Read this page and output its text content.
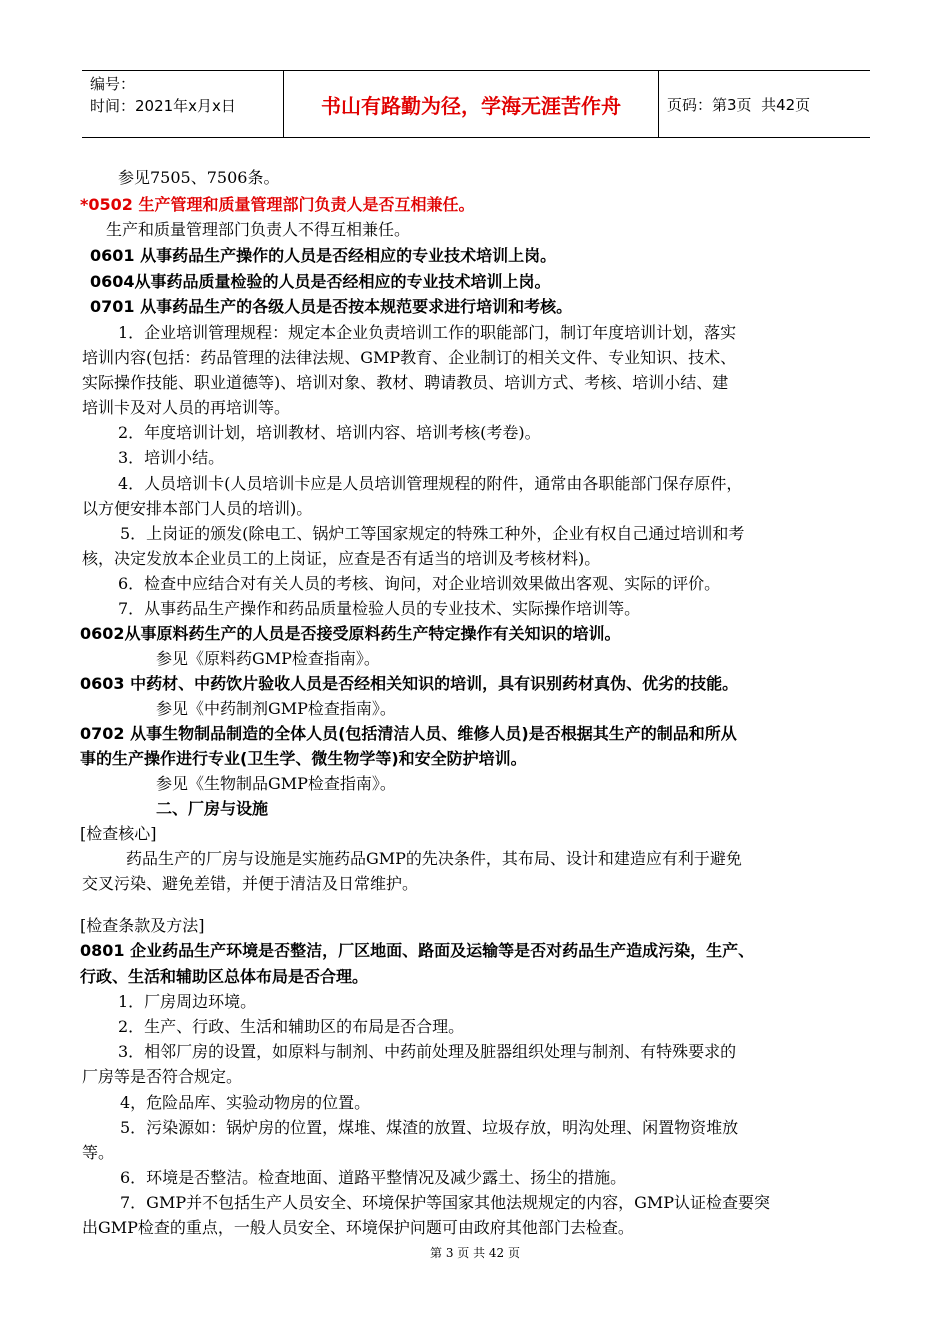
编号：
时间：2021年x月x日	书山有路勤为径，学海无涯苦作舟	页码：第3页  共42页
参见7505、7506条。
*0502 生产管理和质量管理部门负责人是否互相兼任。
生产和质量管理部门负责人不得互相兼任。
0601 从事药品生产操作的人员是否经相应的专业技术培训上岗。
0604从事药品质量检验的人员是否经相应的专业技术培训上岗。
0701 从事药品生产的各级人员是否按本规范要求进行培训和考核。
1．企业培训管理规程：规定本企业负责培训工作的职能部门，制订年度培训计划，落实
培训内容(包括：药品管理的法律法规、GMP教育、企业制订的相关文件、专业知识、技术、
实际操作技能、职业道德等)、培训对象、教材、聘请教员、培训方式、考核、培训小结、建
培训卡及对人员的再培训等。
2．年度培训计划，培训教材、培训内容、培训考核(考卷)。
3．培训小结。
4．人员培训卡(人员培训卡应是人员培训管理规程的附件，通常由各职能部门保存原件，
以方便安排本部门人员的培训)。
5．上岗证的颁发(除电工、锅炉工等国家规定的特殊工种外，企业有权自己通过培训和考
核，决定发放本企业员工的上岗证，应查是否有适当的培训及考核材料)。
6．检查中应结合对有关人员的考核、询问，对企业培训效果做出客观、实际的评价。
7．从事药品生产操作和药品质量检验人员的专业技术、实际操作培训等。
0602从事原料药生产的人员是否接受原料药生产特定操作有关知识的培训。
参见《原料药GMP检查指南》。
0603 中药材、中药饮片验收人员是否经相关知识的培训，具有识别药材真伪、优劣的技能。
参见《中药制剂GMP检查指南》。
0702 从事生物制品制造的全体人员(包括清洁人员、维修人员)是否根据其生产的制品和所从
事的生产操作进行专业(卫生学、微生物学等)和安全防护培训。
参见《生物制品GMP检查指南》。
二、厂房与设施
[检查核心]
药品生产的厂房与设施是实施药品GMP的先决条件，其布局、设计和建造应有利于避免
交叉污染、避免差错，并便于清洁及日常维护。
[检查条款及方法]
0801 企业药品生产环境是否整洁，厂区地面、路面及运输等是否对药品生产造成污染，生产、
行政、生活和辅助区总体布局是否合理。
1．厂房周边环境。
2．生产、行政、生活和辅助区的布局是否合理。
3．相邻厂房的设置，如原料与制剂、中药前处理及脏器组织处理与制剂、有特殊要求的
厂房等是否符合规定。
4，危险品库、实验动物房的位置。
5．污染源如：锅炉房的位置，煤堆、煤渣的放置、垃圾存放，明沟处理、闲置物资堆放
等。
6．环境是否整洁。检查地面、道路平整情况及减少露土、扬尘的措施。
7．GMP并不包括生产人员安全、环境保护等国家其他法规规定的内容，GMP认证检查要突
出GMP检查的重点，一般人员安全、环境保护问题可由政府其他部门去检查。
第 3 页 共 42 页
